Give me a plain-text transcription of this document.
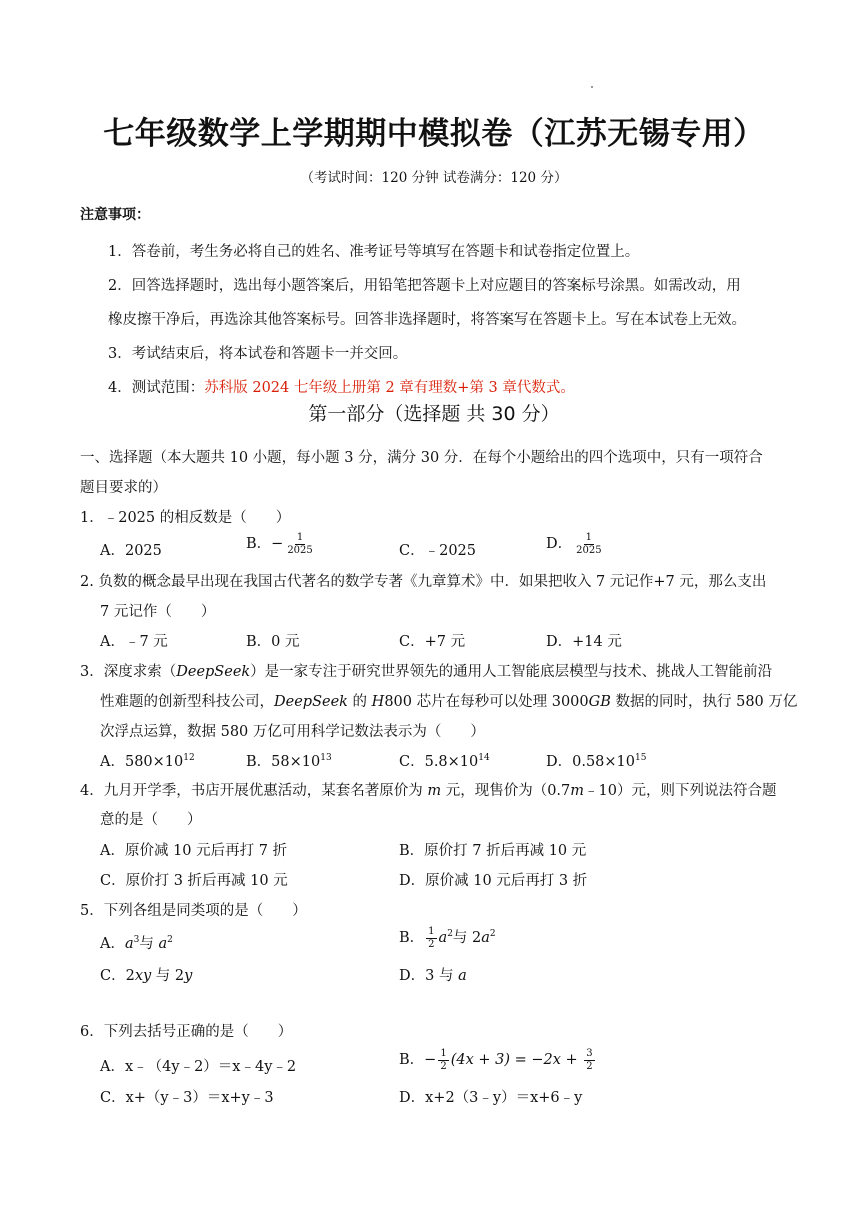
七年级数学上学期期中模拟卷（江苏无锡专用）
（考试时间：120 分钟 试卷满分：120 分）
注意事项：
1．答卷前，考生务必将自己的姓名、准考证号等填写在答题卡和试卷指定位置上。
2．回答选择题时，选出每小题答案后，用铅笔把答题卡上对应题目的答案标号涂黑。如需改动，用
橡皮擦干净后，再选涂其他答案标号。回答非选择题时，将答案写在答题卡上。写在本试卷上无效。
3．考试结束后，将本试卷和答题卡一并交回。
4．测试范围：苏科版 2024 七年级上册第 2 章有理数+第 3 章代数式。
第一部分（选择题 共 30 分）
一、选择题（本大题共 10 小题，每小题 3 分，满分 30 分．在每个小题给出的四个选项中，只有一项符合
题目要求的）
1．﹣2025 的相反数是（　　）
A．2025	B．− $\frac{1}{2025}$	C．﹣2025	D． $\frac{1}{2025}$
2. 负数的概念最早出现在我国古代著名的数学专著《九章算术》中．如果把收入 7 元记作+7 元，那么支出
7 元记作（　　）
A．﹣7 元	B．0 元	C．+7 元	D．+14 元
3．深度求索（DeepSeek）是一家专注于研究世界领先的通用人工智能底层模型与技术、挑战人工智能前沿
性难题的创新型科技公司，DeepSeek 的 H800 芯片在每秒可以处理 3000GB 数据的同时，执行 580 万亿
次浮点运算，数据 580 万亿可用科学记数法表示为（　　）
A．$580\times 10^{12}$	B．$58\times 10^{13}$	C．$5.8\times 10^{14}$	D．$0.58\times 10^{15}$
4．九月开学季，书店开展优惠活动，某套名著原价为 m 元，现售价为（0.7m﹣10）元，则下列说法符合题
意的是（　　）
A．原价减 10 元后再打 7 折	B．原价打 7 折后再减 10 元
C．原价打 3 折后再减 10 元	D．原价减 10 元后再打 3 折
5．下列各组是同类项的是（　　）
A．$a^3$与 $a^2$	B． $\frac{1}{2} a^2$与 $2a^2$
C．2xy 与 2y	D．3 与 a
6．下列去括号正确的是（　　）
A．x﹣（4y﹣2）＝x﹣4y﹣2	B．− $\frac{1}{2} (4x + 3) = -2x + \frac{3}{2}$
C．x+（y﹣3）＝x+y﹣3	D．x+2（3﹣y）＝x+6﹣y
